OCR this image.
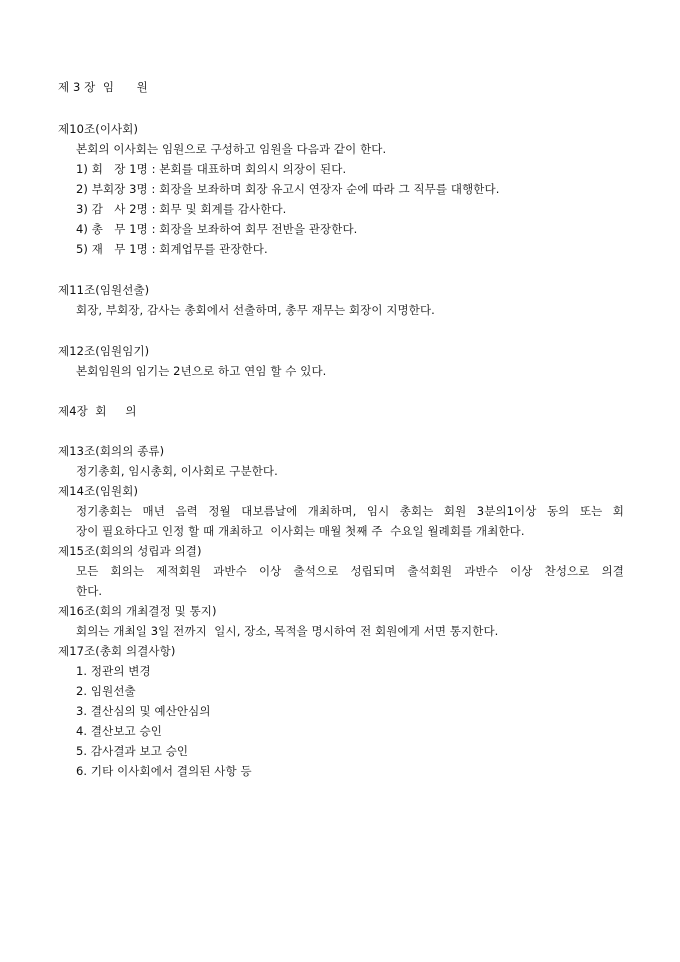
제 3 장  임      원
제10조(이사회)
본회의 이사회는 임원으로 구성하고 임원을 다음과 같이 한다.
1) 회   장 1명 : 본회를 대표하며 회의시 의장이 된다.
2) 부회장 3명 : 회장을 보좌하며 회장 유고시 연장자 순에 따라 그 직무를 대행한다.
3) 감   사 2명 : 회무 및 회계를 감사한다.
4) 총   무 1명 : 회장을 보좌하여 회무 전반을 관장한다.
5) 재   무 1명 : 회계업무를 관장한다.
제11조(임원선출)
회장, 부회장, 감사는 총회에서 선출하며, 총무 재무는 회장이 지명한다.
제12조(임원임기)
본회임원의 임기는 2년으로 하고 연임 할 수 있다.
제4장  회     의
제13조(회의의 종류)
정기총회, 임시총회, 이사회로 구분한다.
제14조(임원회)
정기총회는 매년 음력 정월 대보름날에 개최하며, 임시 총회는 회원 3분의1이상 동의 또는 회
장이 필요하다고 인정 할 때 개최하고  이사회는 매월 첫째 주  수요일 월례회를 개최한다.
제15조(회의의 성립과 의결)
모든 회의는 제적회원 과반수 이상 출석으로 성립되며 출석회원 과반수 이상 찬성으로 의결
한다.
제16조(회의 개최결정 및 통지)
회의는 개최일 3일 전까지  일시, 장소, 목적을 명시하여 전 회원에게 서면 통지한다.
제17조(총회 의결사항)
1. 정관의 변경
2. 임원선출
3. 결산심의 및 예산안심의
4. 결산보고 승인
5. 감사결과 보고 승인
6. 기타 이사회에서 결의된 사항 등
